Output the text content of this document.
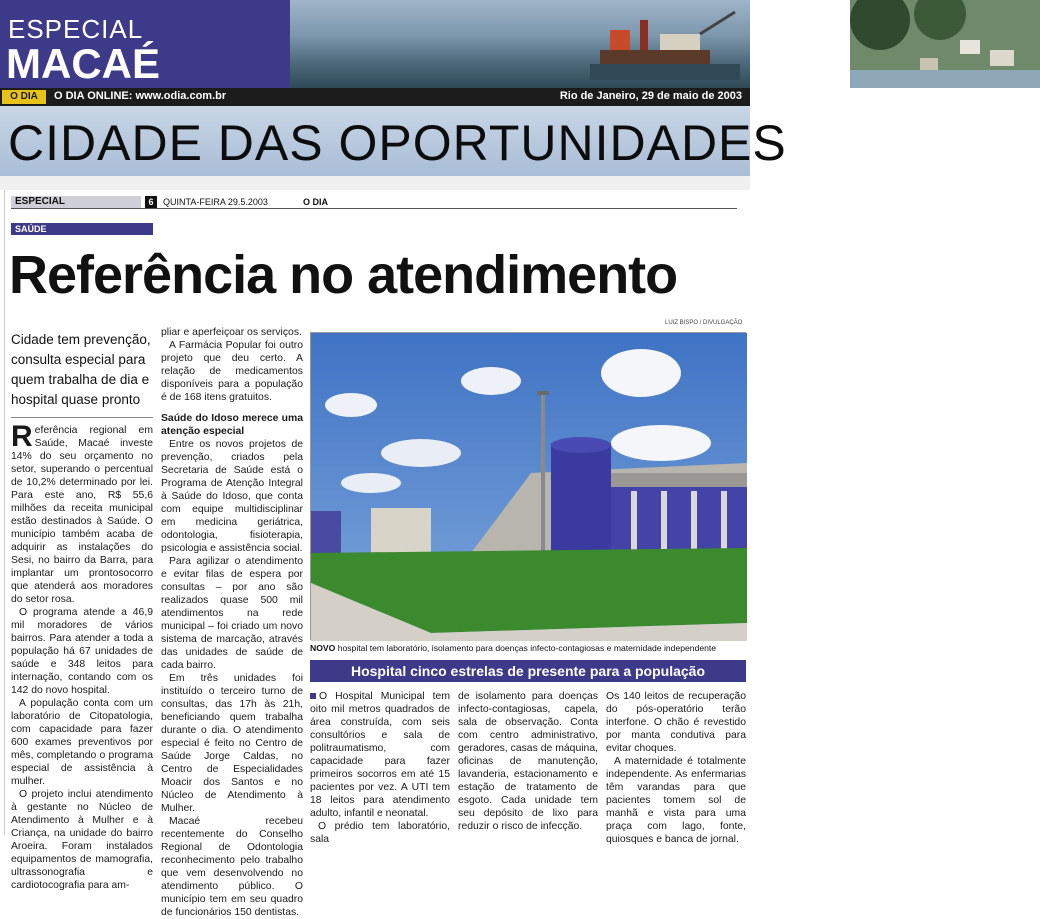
ESPECIAL
MACAÉ
O DIA	O DIA ONLINE: www.odia.com.br	Rio de Janeiro, 29 de maio de 2003
CIDADE DAS OPORTUNIDADES
ESPECIAL	6	QUINTA-FEIRA 29.5.2003	O DIA
SAÚDE
Referência no atendimento
LUIZ BISPO / DIVULGAÇÃO
Cidade tem prevenção, consulta especial para quem trabalha de dia e hospital quase pronto

Referência regional em Saúde, Macaé investe 14% do seu orçamento no setor, superando o percentual de 10,2% determinado por lei. Para este ano, R$ 55,6 milhões da receita municipal estão destinados à Saúde. O município também acaba de adquirir as instalações do Sesi, no bairro da Barra, para implantar um prontosocorro que atenderá aos moradores do setor rosa.

O programa atende a 46,9 mil moradores de vários bairros. Para atender a toda a população há 67 unidades de saúde e 348 leitos para internação, contando com os 142 do novo hospital.

A população conta com um laboratório de Citopatologia, com capacidade para fazer 600 exames preventivos por mês, completando o programa especial de assistência à mulher.

O projeto inclui atendimento à gestante no Núcleo de Atendimento à Mulher e à Criança, na unidade do bairro Aroeira. Foram instalados equipamentos de mamografia, ultrassonografia e cardiotocografia para am-

pliar e aperfeiçoar os serviços.

A Farmácia Popular foi outro projeto que deu certo. A relação de medicamentos disponíveis para a população é de 168 itens gratuitos.

Saúde do Idoso merece uma atenção especial

Entre os novos projetos de prevenção, criados pela Secretaria de Saúde está o Programa de Atenção Integral à Saúde do Idoso, que conta com equipe multidisciplinar em medicina geriátrica, odontologia, fisioterapia, psicologia e assistência social.

Para agilizar o atendimento e evitar filas de espera por consultas – por ano são realizados quase 500 mil atendimentos na rede municipal – foi criado um novo sistema de marcação, através das unidades de saúde de cada bairro.

Em três unidades foi instituído o terceiro turno de consultas, das 17h às 21h, beneficiando quem trabalha durante o dia. O atendimento especial é feito no Centro de Saúde Jorge Caldas, no Centro de Especialidades Moacir dos Santos e no Núcleo de Atendimento à Mulher.

Macaé recebeu recentemente do Conselho Regional de Odontologia reconhecimento pelo trabalho que vem desenvolvendo no atendimento público. O município tem em seu quadro de funcionários 150 dentistas.

NOVO hospital tem laboratório, isolamento para doenças infecto-contagiosas e maternidade independente
Hospital cinco estrelas de presente para a população

O Hospital Municipal tem oito mil metros quadrados de área construída, com seis consultórios e sala de politraumatismo, com capacidade para fazer primeiros socorros em até 15 pacientes por vez. A UTI tem 18 leitos para atendimento adulto, infantil e neonatal.

O prédio tem laboratório, sala

de isolamento para doenças infecto-contagiosas, capela, sala de observação. Conta com centro administrativo, geradores, casas de máquina, oficinas de manutenção, lavanderia, estacionamento e estação de tratamento de esgoto. Cada unidade tem seu depósito de lixo para reduzir o risco de infecção.

Os 140 leitos de recuperação do pós-operatório terão interfone. O chão é revestido por manta condutiva para evitar choques.

A maternidade é totalmente independente. As enfermarias têm varandas para que pacientes tomem sol de manhã e vista para uma praça com lago, fonte, quiosques e banca de jornal.
